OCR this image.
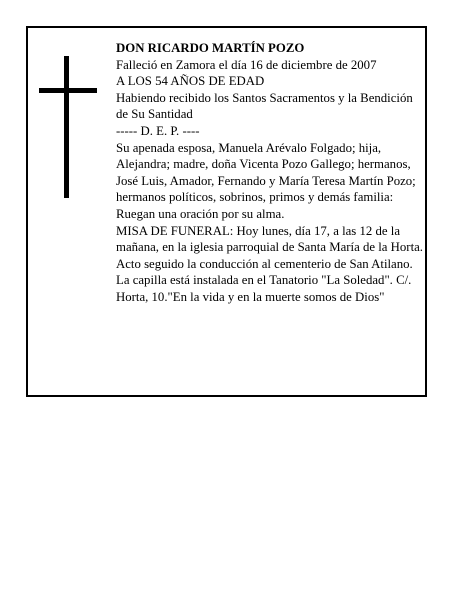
DON RICARDO MARTÍN POZO

Falleció en Zamora el día 16 de diciembre de 2007

A LOS 54 AÑOS DE EDAD

Habiendo recibido los Santos Sacramentos y la Bendición de Su Santidad

----- D. E. P. ----

Su apenada esposa, Manuela Arévalo Folgado; hija, Alejandra; madre, doña Vicenta Pozo Gallego; hermanos, José Luis, Amador, Fernando y María Teresa Martín Pozo; hermanos políticos, sobrinos, primos y demás familia:

Ruegan una oración por su alma.

MISA DE FUNERAL: Hoy lunes, día 17, a las 12 de la mañana, en la iglesia parroquial de Santa María de la Horta. Acto seguido la conducción al cementerio de San Atilano.

La capilla está instalada en el Tanatorio "La Soledad". C/. Horta, 10."En la vida y en la muerte somos de Dios"
